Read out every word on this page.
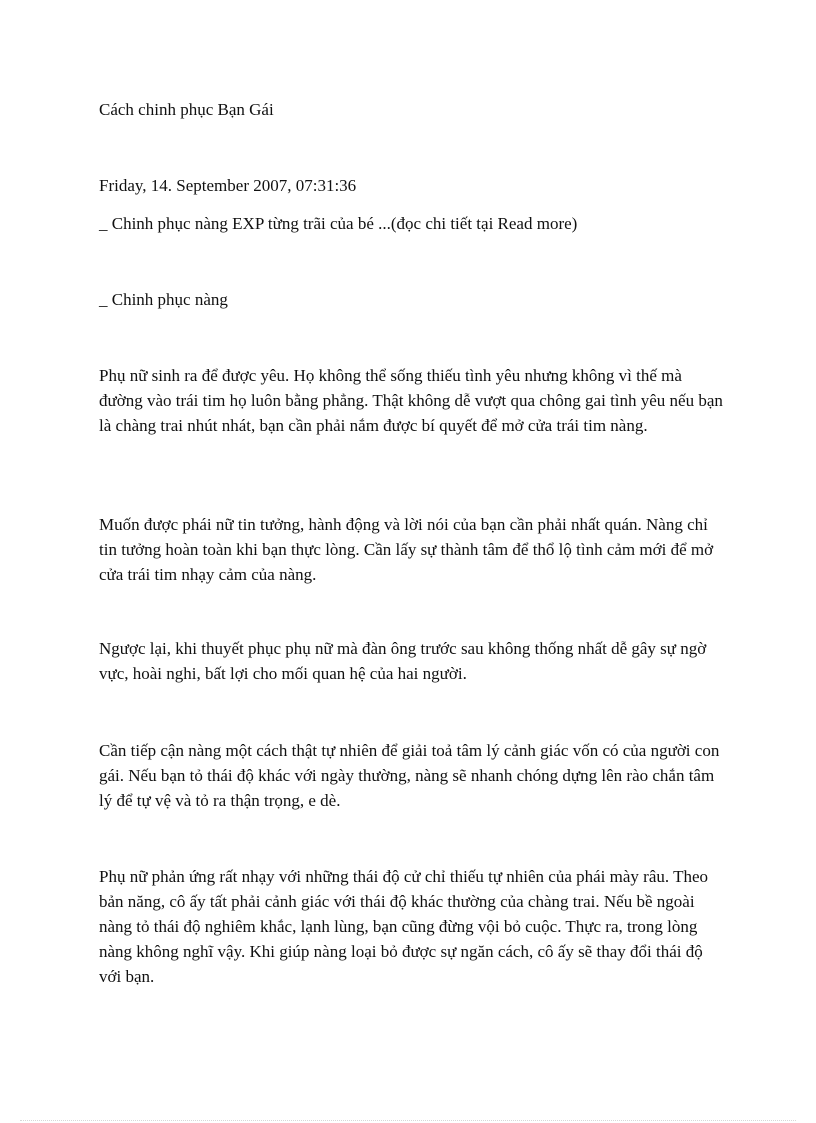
Cách chinh phục Bạn Gái

Friday, 14. September 2007, 07:31:36

_ Chinh phục nàng EXP từng trãi của bé ...(đọc chi tiết tại Read more)

_ Chinh phục nàng

Phụ nữ sinh ra để được yêu. Họ không thể sống thiếu tình yêu nhưng không vì thế mà đường vào trái tim họ luôn bằng phẳng. Thật không dễ vượt qua chông gai tình yêu nếu bạn là chàng trai nhút nhát, bạn cần phải nắm được bí quyết để mở cửa trái tim nàng.

Muốn được phái nữ tin tưởng, hành động và lời nói của bạn cần phải nhất quán. Nàng chỉ tin tưởng hoàn toàn khi bạn thực lòng. Cần lấy sự thành tâm để thổ lộ tình cảm mới để mở cửa trái tim nhạy cảm của nàng.

Ngược lại, khi thuyết phục phụ nữ mà đàn ông trước sau không thống nhất dễ gây sự ngờ vực, hoài nghi, bất lợi cho mối quan hệ của hai người.

Cần tiếp cận nàng một cách thật tự nhiên để giải toả tâm lý cảnh giác vốn có của người con gái. Nếu bạn tỏ thái độ khác với ngày thường, nàng sẽ nhanh chóng dựng lên rào chắn tâm lý để tự vệ và tỏ ra thận trọng, e dè.

Phụ nữ phản ứng rất nhạy với những thái độ cử chỉ thiếu tự nhiên của phái mày râu. Theo bản năng, cô ấy tất phải cảnh giác với thái độ khác thường của chàng trai. Nếu bề ngoài nàng tỏ thái độ nghiêm khắc, lạnh lùng, bạn cũng đừng vội bỏ cuộc. Thực ra, trong lòng nàng không nghĩ vậy. Khi giúp nàng loại bỏ được sự ngăn cách, cô ấy sẽ thay đổi thái độ với bạn.
